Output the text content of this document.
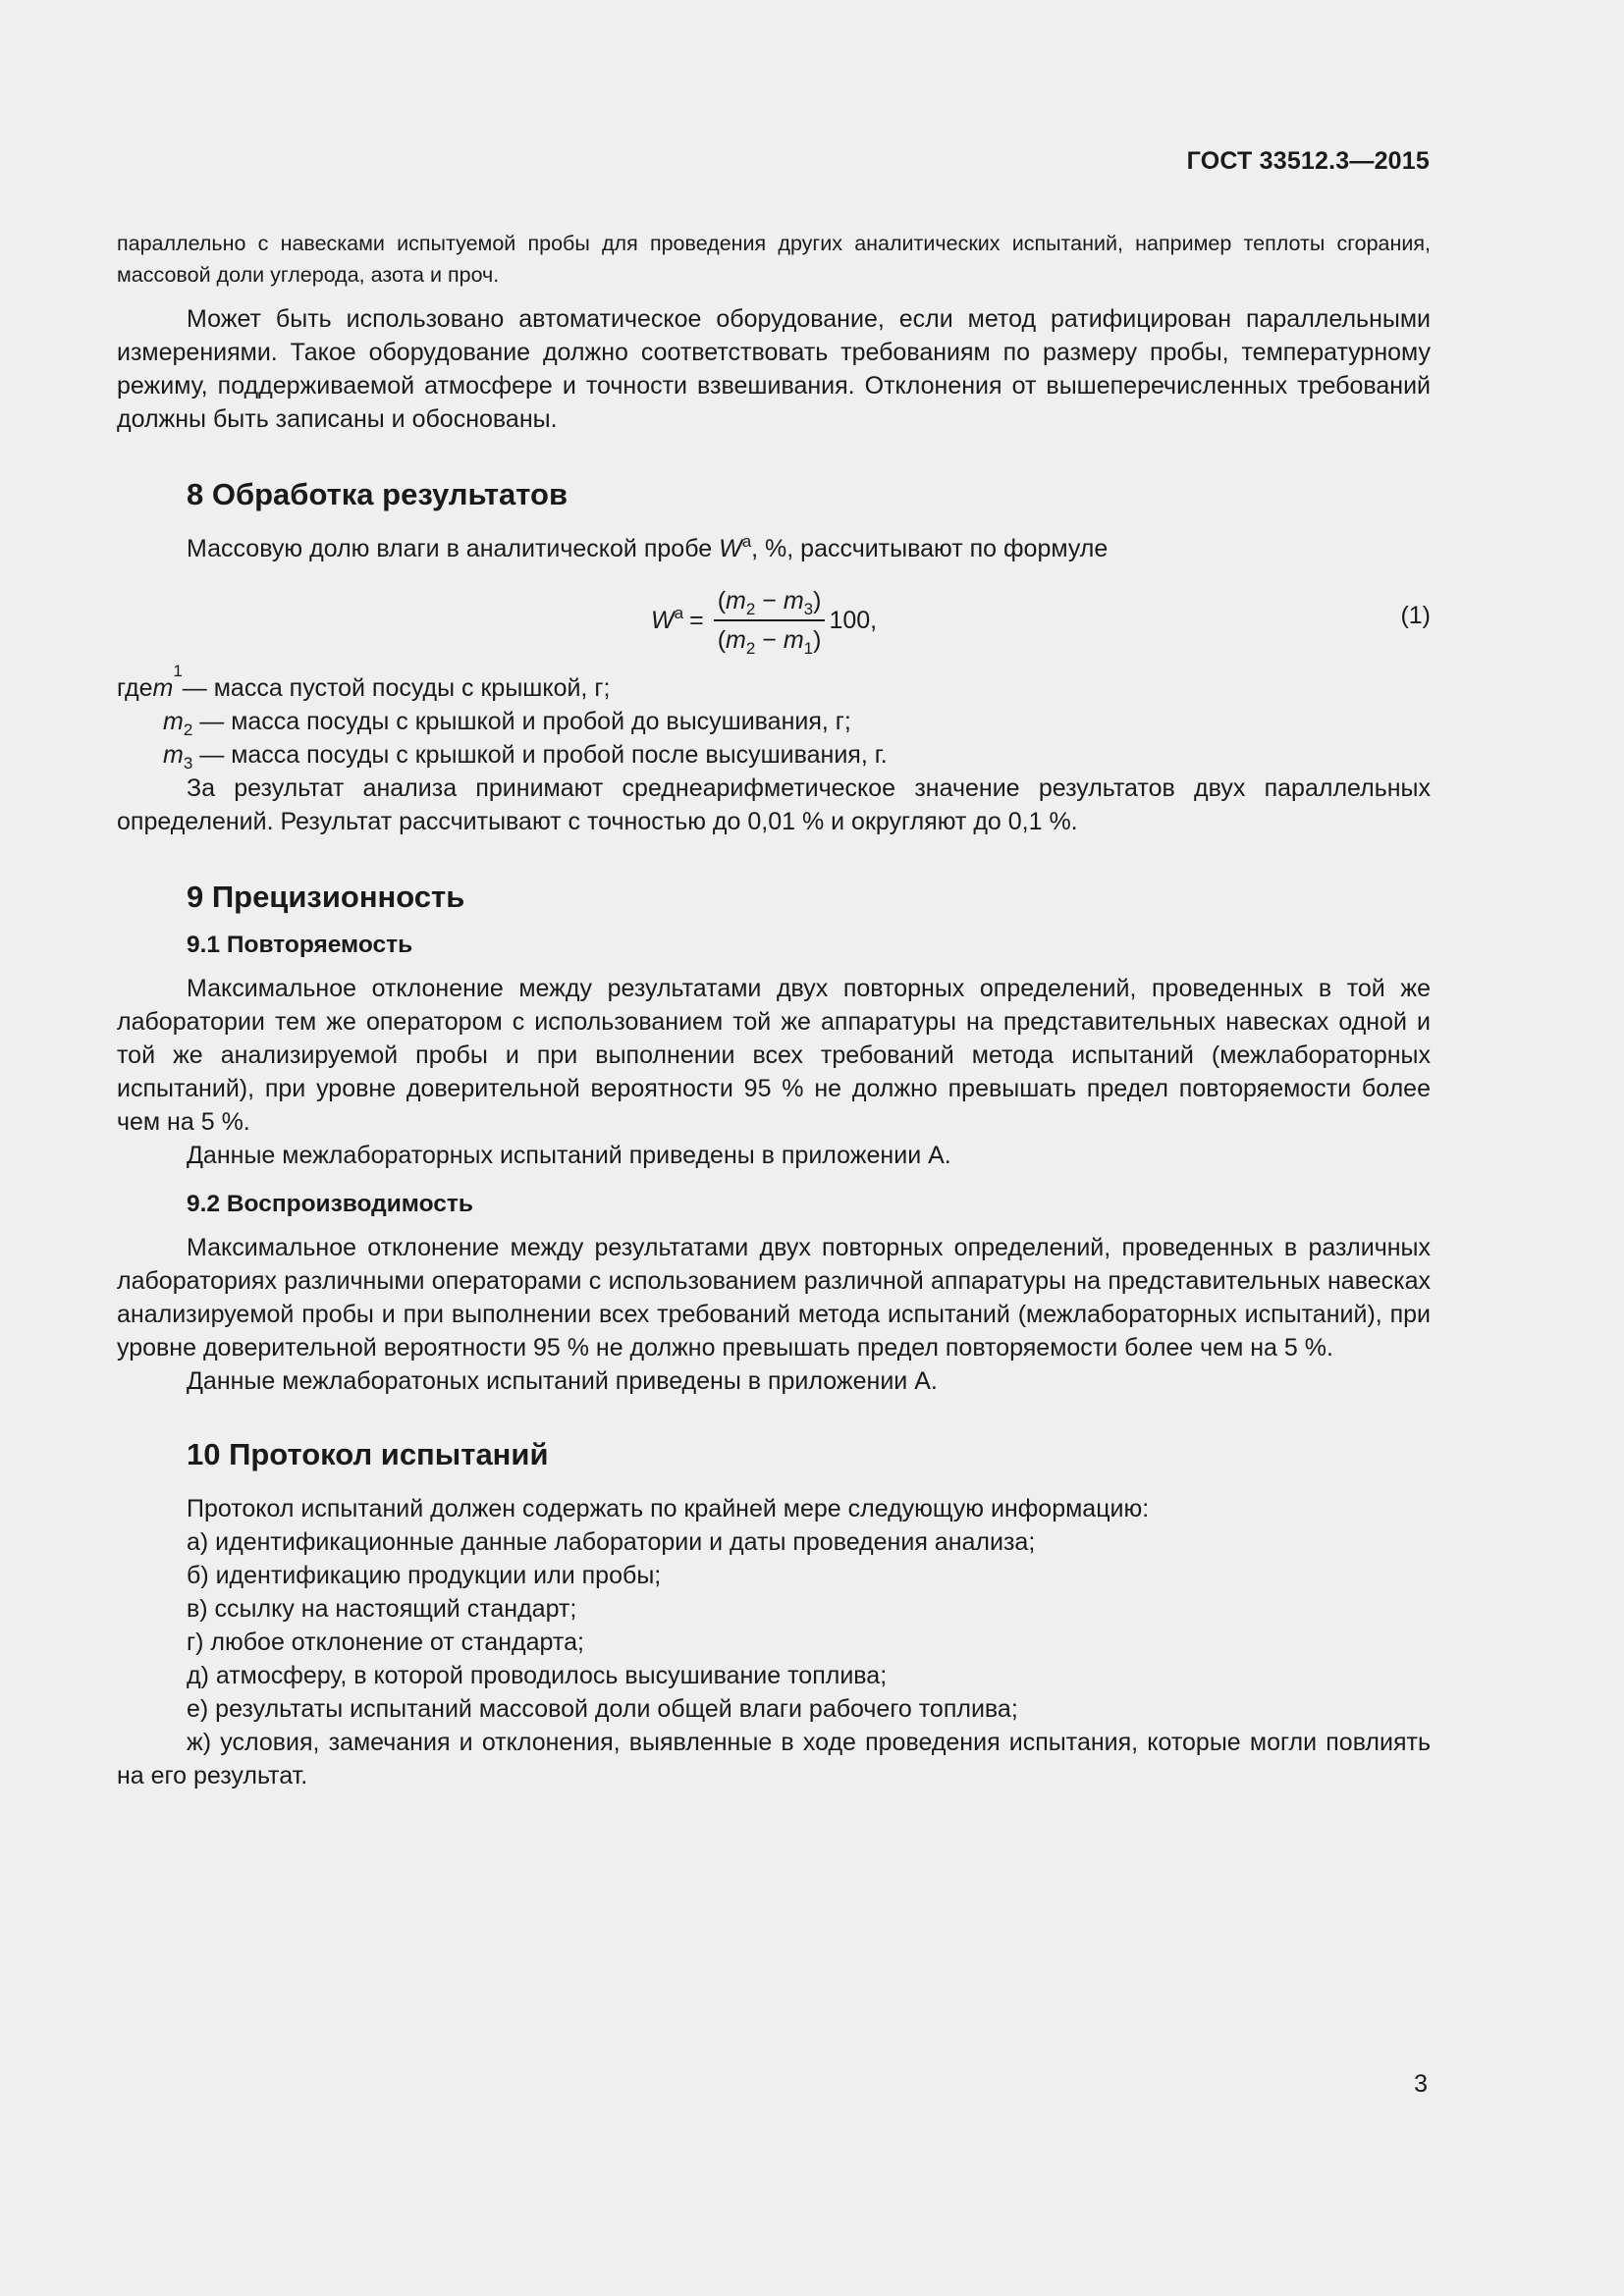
ГОСТ 33512.3—2015

параллельно с навесками испытуемой пробы для проведения других аналитических испытаний, например теплоты сгорания, массовой доли углерода, азота и проч.

Может быть использовано автоматическое оборудование, если метод ратифицирован параллельными измерениями. Такое оборудование должно соответствовать требованиям по размеру пробы, температурному режиму, поддерживаемой атмосфере и точности взвешивания. Отклонения от вышеперечисленных требований должны быть записаны и обоснованы.

8 Обработка результатов

Массовую долю влаги в аналитической пробе $W^a$, %, рассчитывают по формуле

$W^a = \frac{(m_2 - m_3)}{(m_2 - m_1)} 100$,	(1)
где m
1
— масса пустой посуды с крышкой, г;
$m_2$ — масса посуды с крышкой и пробой до высушивания, г;
$m_3$ — масса посуды с крышкой и пробой после высушивания, г.

За результат анализа принимают среднеарифметическое значение результатов двух параллельных определений. Результат рассчитывают с точностью до 0,01 % и округляют до 0,1 %.

9 Прецизионность
9.1 Повторяемость

Максимальное отклонение между результатами двух повторных определений, проведенных в той же лаборатории тем же оператором с использованием той же аппаратуры на представительных навесках одной и той же анализируемой пробы и при выполнении всех требований метода испытаний (межлабораторных испытаний), при уровне доверительной вероятности 95 % не должно превышать предел повторяемости более чем на 5 %.

Данные межлабораторных испытаний приведены в приложении А.

9.2 Воспроизводимость

Максимальное отклонение между результатами двух повторных определений, проведенных в различных лабораториях различными операторами с использованием различной аппаратуры на представительных навесках анализируемой пробы и при выполнении всех требований метода испытаний (межлабораторных испытаний), при уровне доверительной вероятности 95 % не должно превышать предел повторяемости более чем на 5 %.

Данные межлаборатоных испытаний приведены в приложении А.

10 Протокол испытаний

Протокол испытаний должен содержать по крайней мере следующую информацию:

а) идентификационные данные лаборатории и даты проведения анализа;

б) идентификацию продукции или пробы;

в) ссылку на настоящий стандарт;

г) любое отклонение от стандарта;

д) атмосферу, в которой проводилось высушивание топлива;

е) результаты испытаний массовой доли общей влаги рабочего топлива;

ж) условия, замечания и отклонения, выявленные в ходе проведения испытания, которые могли повлиять на его результат.

3
